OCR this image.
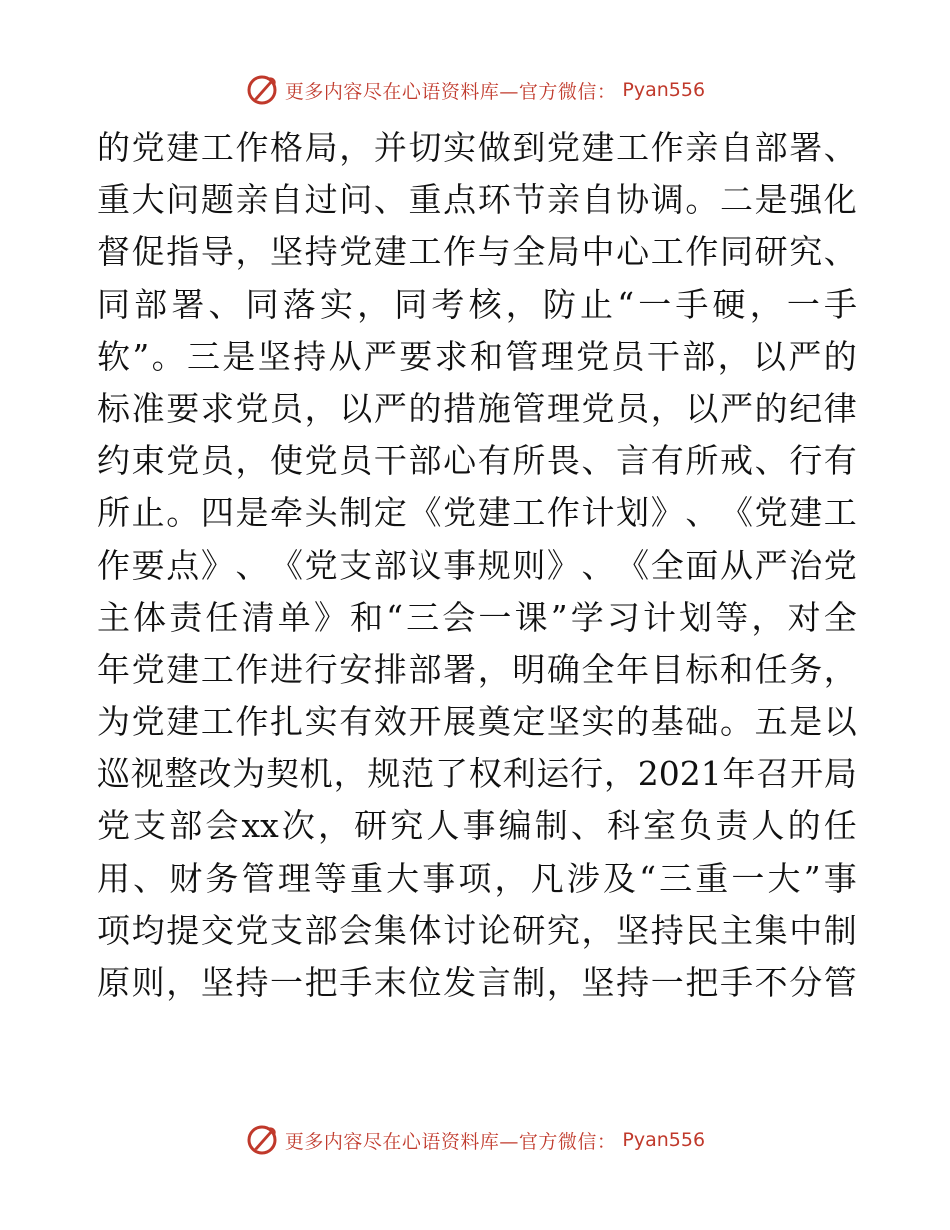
更多内容尽在心语资料库—官方微信： Pyan556
的 党 建 工 作 格 局 ， 并 切 实 做 到 党 建 工 作 亲 自 部 署 、
重 大 问 题 亲 自 过 问 、 重 点 环 节 亲 自 协 调 。 二 是 强 化
督 促 指 导 ， 坚 持 党 建 工 作 与 全 局 中 心 工 作 同 研 究 、
同 部 署 、 同 落 实 ， 同 考 核 ， 防 止 “ 一 手 硬 ， 一 手
软 ” 。 三 是 坚 持 从 严 要 求 和 管 理 党 员 干 部 ， 以 严 的
标 准 要 求 党 员 ， 以 严 的 措 施 管 理 党 员 ， 以 严 的 纪 律
约 束 党 员 ， 使 党 员 干 部 心 有 所 畏 、 言 有 所 戒 、 行 有
所 止 。 四 是 牵 头 制 定 《 党 建 工 作 计 划 》 、 《 党 建 工
作 要 点 》 、 《 党 支 部 议 事 规 则 》 、 《 全 面 从 严 治 党
主 体 责 任 清 单 》 和 “ 三 会 一 课 ” 学 习 计 划 等 ， 对 全
年 党 建 工 作 进 行 安 排 部 署 ， 明 确 全 年 目 标 和 任 务 ，
为 党 建 工 作 扎 实 有 效 开 展 奠 定 坚 实 的 基 础 。 五 是 以
巡 视 整 改 为 契 机 ， 规 范 了 权 利 运 行 ， 2021 年 召 开 局
党 支 部 会 xx 次 ， 研 究 人 事 编 制 、 科 室 负 责 人 的 任
用 、 财 务 管 理 等 重 大 事 项 ， 凡 涉 及 “ 三 重 一 大 ” 事
项 均 提 交 党 支 部 会 集 体 讨 论 研 究 ， 坚 持 民 主 集 中 制
原 则 ， 坚 持 一 把 手 末 位 发 言 制 ， 坚 持 一 把 手 不 分 管
更多内容尽在心语资料库—官方微信： Pyan556
